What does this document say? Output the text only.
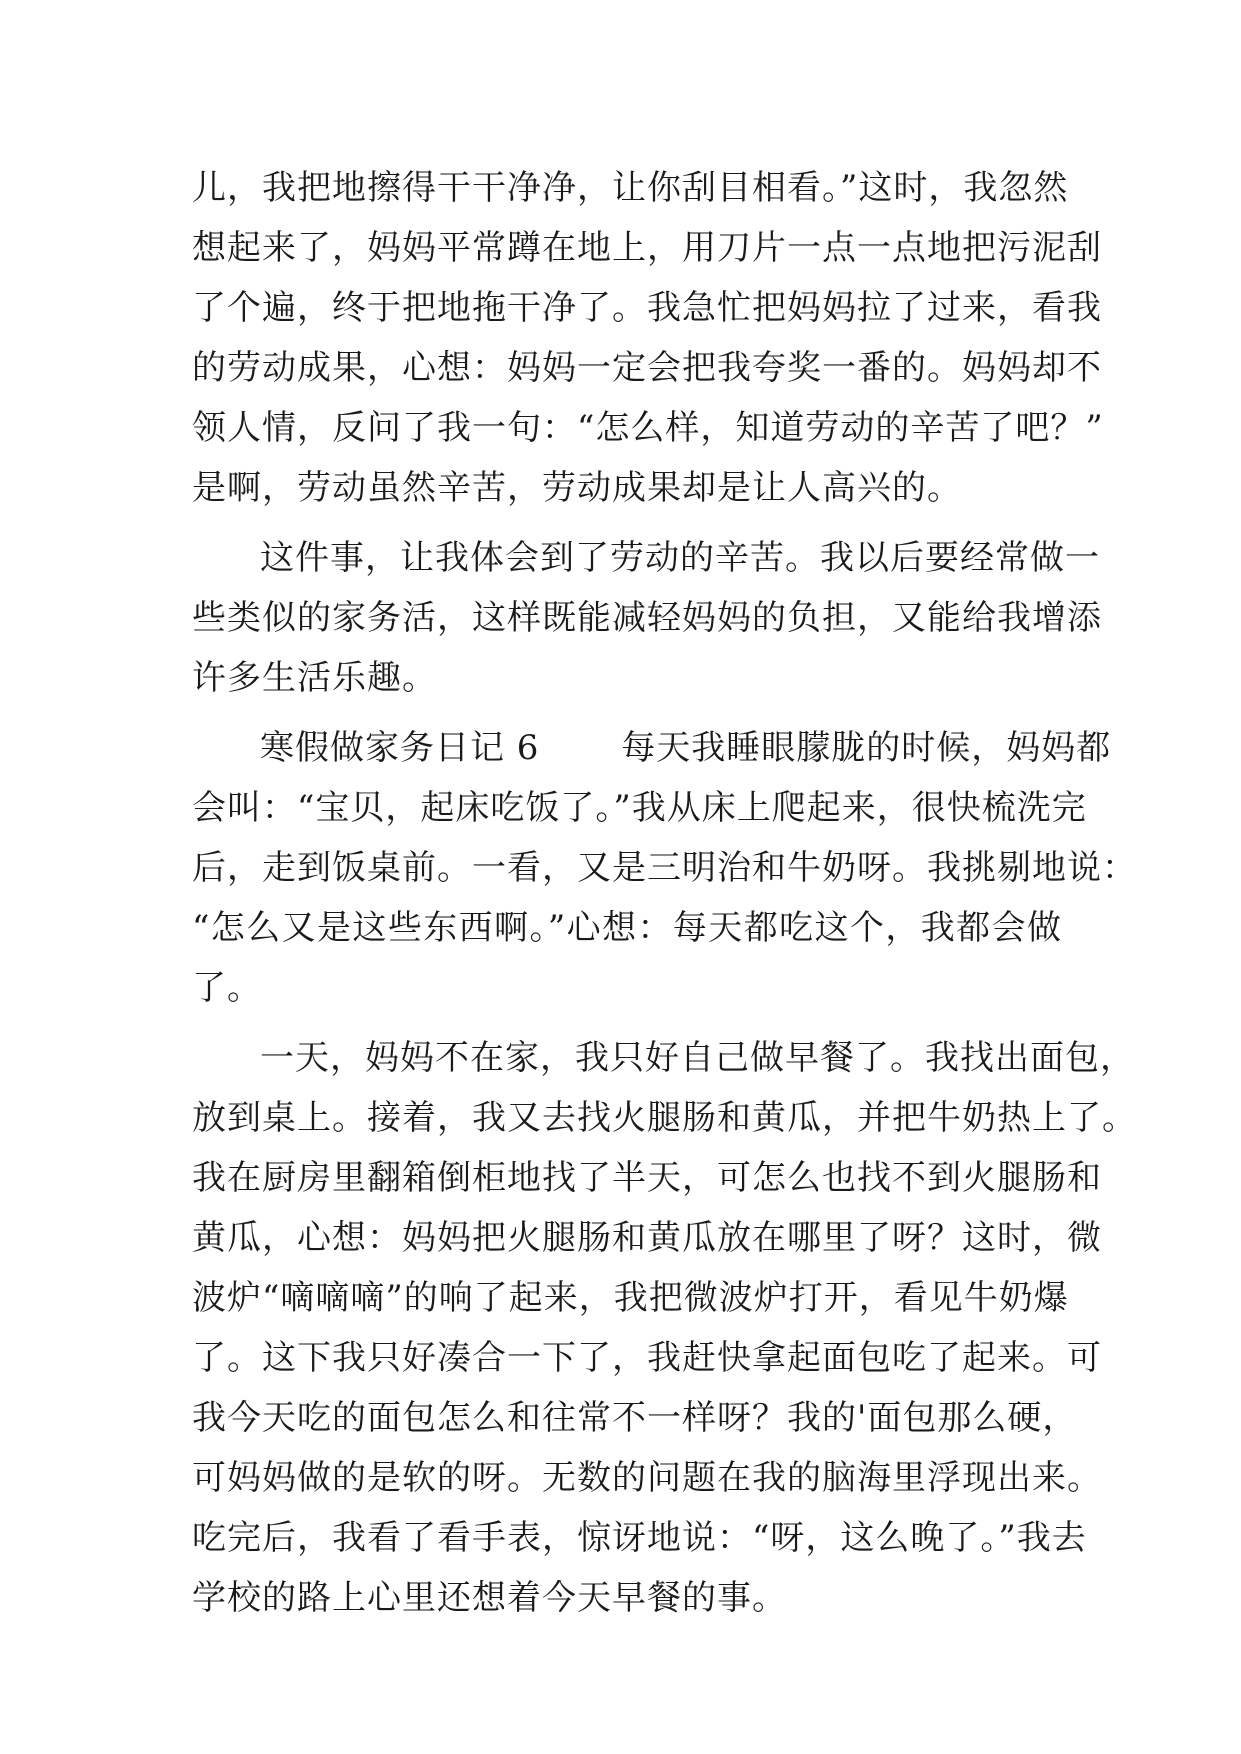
儿，我把地擦得干干净净，让你刮目相看。”这时，我忽然
想起来了，妈妈平常蹲在地上，用刀片一点一点地把污泥刮
了个遍，终于把地拖干净了。我急忙把妈妈拉了过来，看我
的劳动成果，心想：妈妈一定会把我夸奖一番的。妈妈却不
领人情，反问了我一句：“怎么样，知道劳动的辛苦了吧？”
是啊，劳动虽然辛苦，劳动成果却是让人高兴的。
这件事，让我体会到了劳动的辛苦。我以后要经常做一
些类似的家务活，这样既能减轻妈妈的负担，又能给我增添
许多生活乐趣。
寒假做家务日记 6　　 每天我睡眼朦胧的时候，妈妈都
会叫：“宝贝，起床吃饭了。”我从床上爬起来，很快梳洗完
后，走到饭桌前。一看，又是三明治和牛奶呀。我挑剔地说：
“怎么又是这些东西啊。”心想：每天都吃这个，我都会做
了。
一天，妈妈不在家，我只好自己做早餐了。我找出面包，
放到桌上。接着，我又去找火腿肠和黄瓜，并把牛奶热上了。
我在厨房里翻箱倒柜地找了半天，可怎么也找不到火腿肠和
黄瓜，心想：妈妈把火腿肠和黄瓜放在哪里了呀？这时，微
波炉“嘀嘀嘀”的响了起来，我把微波炉打开，看见牛奶爆
了。这下我只好凑合一下了，我赶快拿起面包吃了起来。可
我今天吃的面包怎么和往常不一样呀？我的'面包那么硬，
可妈妈做的是软的呀。无数的问题在我的脑海里浮现出来。
吃完后，我看了看手表，惊讶地说：“呀，这么晚了。”我去
学校的路上心里还想着今天早餐的事。
